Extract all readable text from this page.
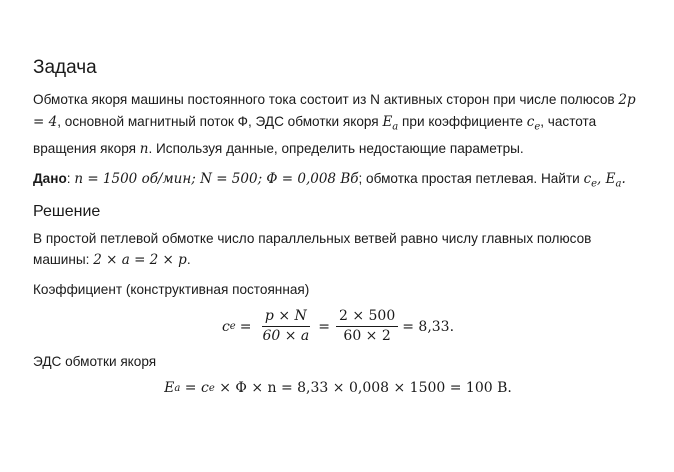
Задача

Обмотка якоря машины постоянного тока состоит из N активных сторон при числе полюсов 2p = 4, основной магнитный поток Ф, ЭДС обмотки якоря $E_a$ при коэффициенте $c_e$, частота вращения якоря n. Используя данные, определить недостающие параметры.

Дано: n = 1500 об/мин; N = 500; Φ = 0,008 Вб; обмотка простая петлевая. Найти $c_e$, $E_a$.

Решение

В простой петлевой обмотке число параллельных ветвей равно числу главных полюсов машины: 2 × a = 2 × p.

Коэффициент (конструктивная постоянная)

c $e = \frac{p \times N}{60 \times a} = \frac{2 \times 500}{60 \times 2} = 8,33$.

ЭДС обмотки якоря

E a = c e × Φ × n = 8,33 × 0,008 × 1500 = 100 В.
